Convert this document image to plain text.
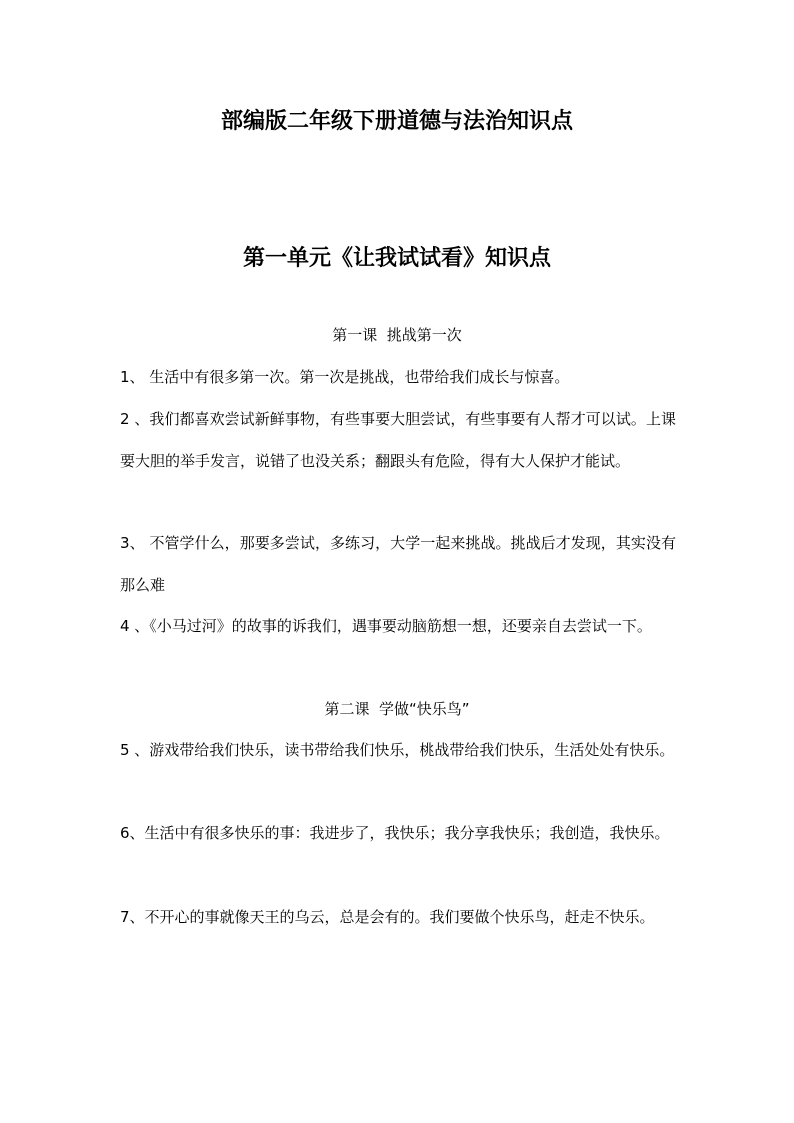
部编版二年级下册道德与法治知识点
第一单元《让我试试看》知识点

第一课  挑战第一次

1、 生活中有很多第一次。第一次是挑战，也带给我们成长与惊喜。

2 、我们都喜欢尝试新鲜事物，有些事要大胆尝试，有些事要有人帮才可以试。上课要大胆的举手发言，说错了也没关系；翻跟头有危险，得有大人保护才能试。

3、 不管学什么，那要多尝试，多练习，大学一起来挑战。挑战后才发现，其实没有那么难

4 、《小马过河》的故事的诉我们，遇事要动脑筋想一想，还要亲自去尝试一下。

第二课  学做“快乐鸟”

5 、游戏带给我们快乐，读书带给我们快乐，桃战带给我们快乐，生活处处有快乐。

6、生活中有很多快乐的事：我进步了，我快乐；我分享我快乐；我创造，我快乐。

7、不开心的事就像天王的乌云，总是会有的。我们要做个快乐鸟，赶走不快乐。
